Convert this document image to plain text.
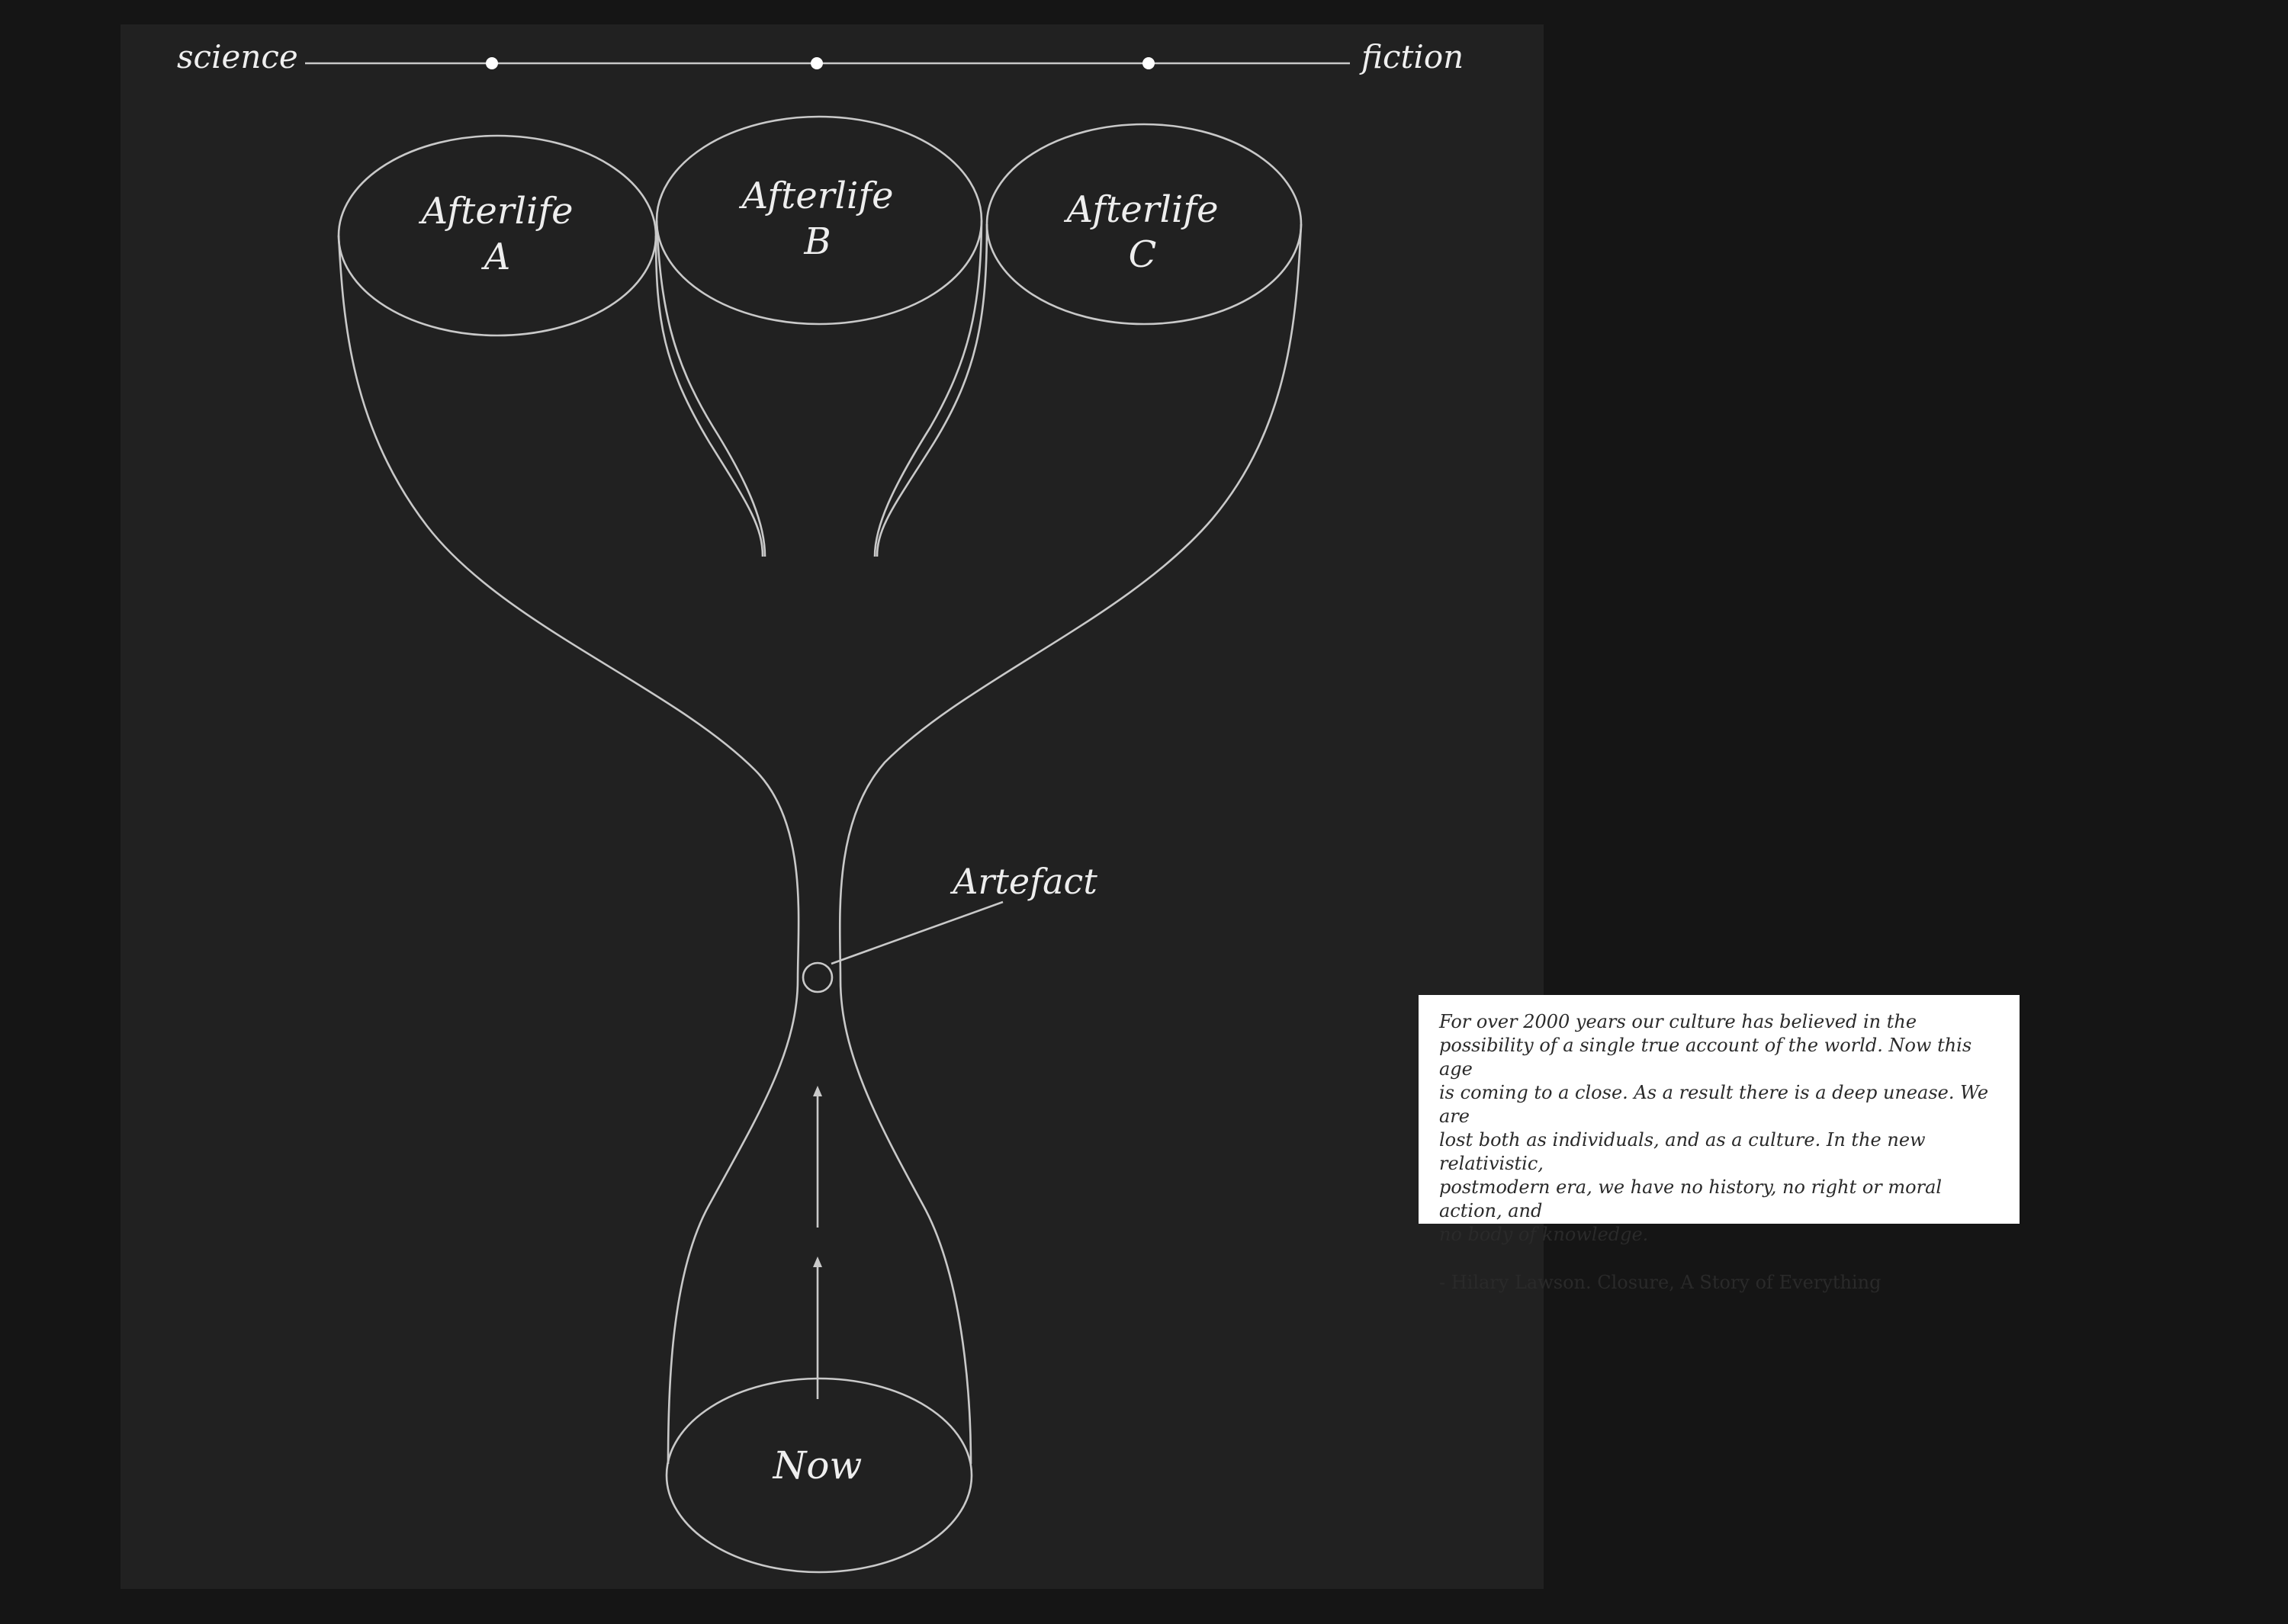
science	fiction
Afterlife
A
Afterlife
B
Afterlife
C
Artefact
Now

For over 2000 years our culture has believed in the
possibility of a single true account of the world. Now this age
is coming to a close. As a result there is a deep unease. We are
lost both as individuals, and as a culture. In the new relativistic,
postmodern era, we have no history, no right or moral action, and
no body of knowledge.

- Hilary Lawson. Closure, A Story of Everything
